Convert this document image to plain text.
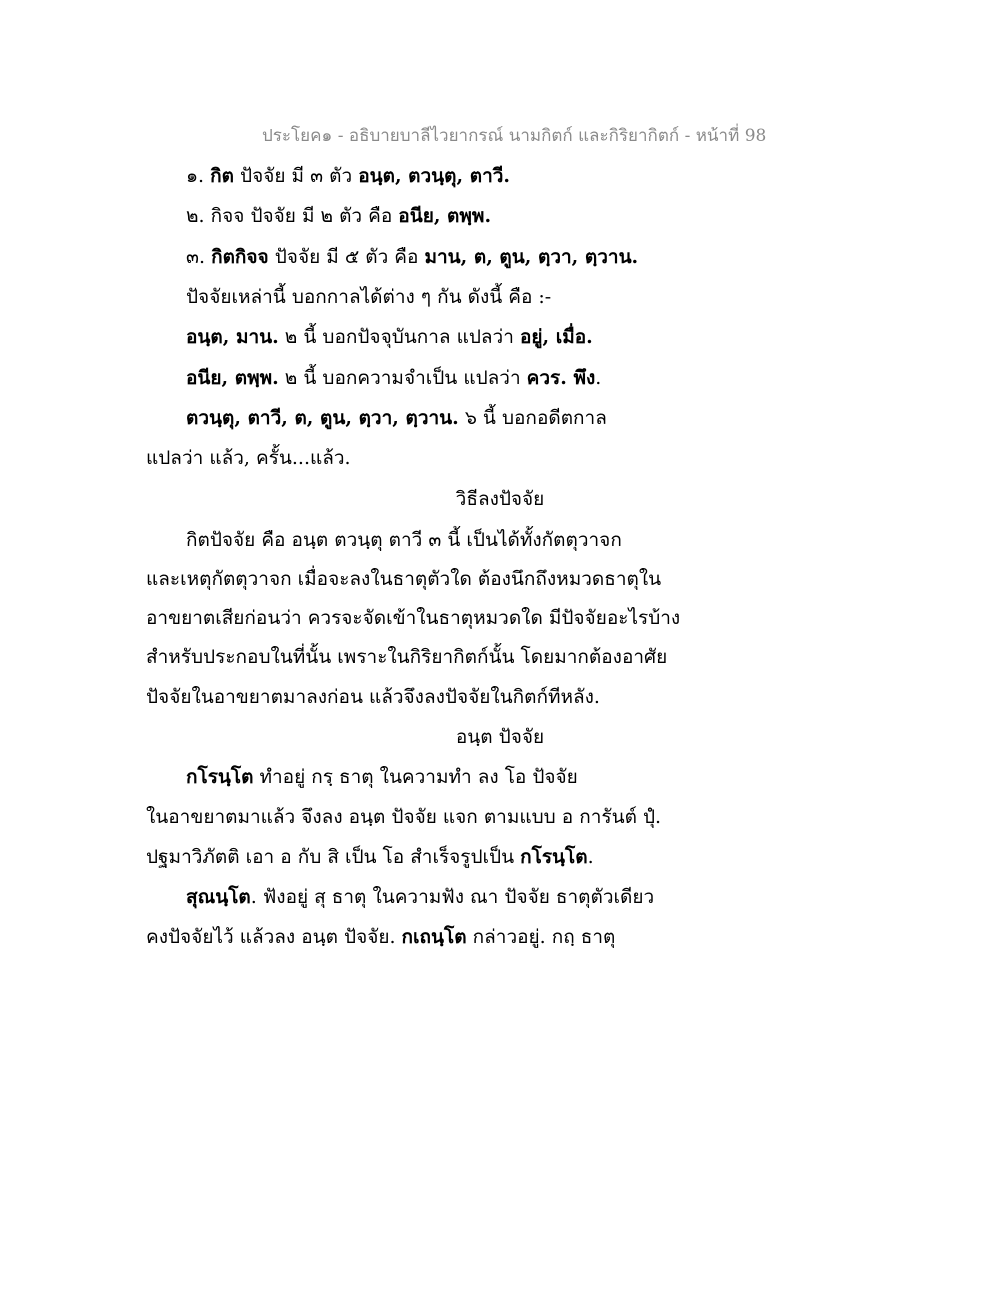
ประโยค๑ - อธิบายบาลีไวยากรณ์ นามกิตก์ และกิริยากิตก์ - หน้าที่ 98
๑. กิต ปัจจัย มี ๓ ตัว อนฺต, ตวนฺตุ, ตาวี.
๒. กิจจ ปัจจัย มี ๒ ตัว คือ อนีย, ตพฺพ.
๓. กิตกิจจ ปัจจัย มี ๕ ตัว คือ มาน, ต, ตูน, ตฺวา, ตฺวาน.
ปัจจัยเหล่านี้ บอกกาลได้ต่าง ๆ กัน ดังนี้ คือ :-
อนฺต, มาน. ๒ นี้ บอกปัจจุบันกาล แปลว่า อยู่, เมื่อ.
อนีย, ตพฺพ. ๒ นี้ บอกความจำเป็น แปลว่า ควร. พึง.
ตวนฺตุ, ตาวี, ต, ตูน, ตฺวา, ตฺวาน. ๖ นี้ บอกอดีตกาล
แปลว่า แล้ว, ครั้น...แล้ว.
วิธีลงปัจจัย
กิตปัจจัย คือ อนฺต ตวนฺตุ ตาวี ๓ นี้ เป็นได้ทั้งกัตตุวาจก
และเหตุกัตตุวาจก เมื่อจะลงในธาตุตัวใด ต้องนึกถึงหมวดธาตุใน
อาขยาตเสียก่อนว่า ควรจะจัดเข้าในธาตุหมวดใด มีปัจจัยอะไรบ้าง
สำหรับประกอบในที่นั้น เพราะในกิริยากิตก์นั้น โดยมากต้องอาศัย
ปัจจัยในอาขยาตมาลงก่อน แล้วจึงลงปัจจัยในกิตก์ทีหลัง.
อนฺต ปัจจัย
กโรนฺโต ทำอยู่ กรฺ ธาตุ ในความทำ ลง โอ ปัจจัย
ในอาขยาตมาแล้ว จึงลง อนฺต ปัจจัย แจก ตามแบบ อ การันต์ ปุํ.
ปฐมาวิภัตติ เอา อ กับ สิ เป็น โอ สำเร็จรูปเป็น กโรนฺโต.
สุณนฺโต. ฟังอยู่ สุ ธาตุ ในความฟัง ณา ปัจจัย ธาตุตัวเดียว
คงปัจจัยไว้ แล้วลง อนฺต ปัจจัย. กเถนฺโต กล่าวอยู่. กถฺ ธาตุ
